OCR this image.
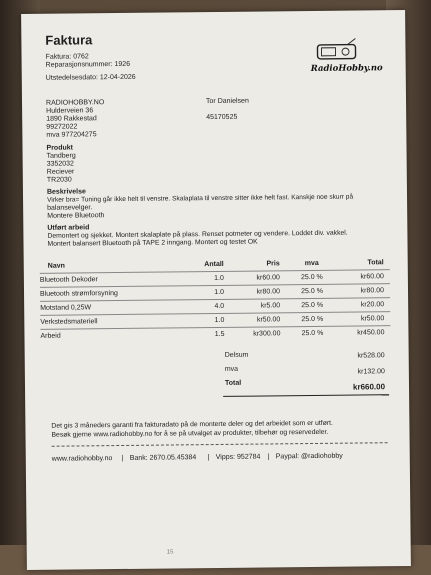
Faktura
Faktura: 0762
Reparasjonsnummer: 1926
Utstedelsesdato: 12-04-2026
RadioHobby.no
RADIOHOBBY.NO
Hulderveien 36
1890 Rakkestad
99272022
mva 977204275
Tor Danielsen
45170525
Produkt
Tandberg
3352032
Reciever
TR2030
Beskrivelse
Virker bra= Tuning går ikke helt til venstre. Skalaplata til venstre sitter ikke helt fast. Kanskje noe skurr på
balansevelger.
Montere Bluetooth
Utført arbeid
Demontert og sjekket. Montert skalaplate på plass. Renset potmeter og vendere. Loddet div. vakkel.
Montert balansert Bluetooth på TAPE 2 inngang. Montert og testet OK
Navn	Antall	Pris	mva	Total
Bluetooth Dekoder	1.0	kr60.00	25.0 %	kr60.00
Bluetooth strømforsyning	1.0	kr80.00	25.0 %	kr80.00
Motstand 0,25W	4.0	kr5.00	25.0 %	kr20.00
Verkstedsmateriell	1.0	kr50.00	25.0 %	kr50.00
Arbeid	1.5	kr300.00	25.0 %	kr450.00
Delsum	kr528.00
mva	kr132.00
Total	kr660.00
Det gis 3 måneders garanti fra fakturadato på de monterte deler og det arbeidet som er utført.
Besøk gjerne www.radiohobby.no for å se på utvalget av produkter, tilbehør og reservedeler.
www.radiohobby.no | Bank: 2670.05.45384 | Vipps: 952784 | Paypal: @radiohobby
15
